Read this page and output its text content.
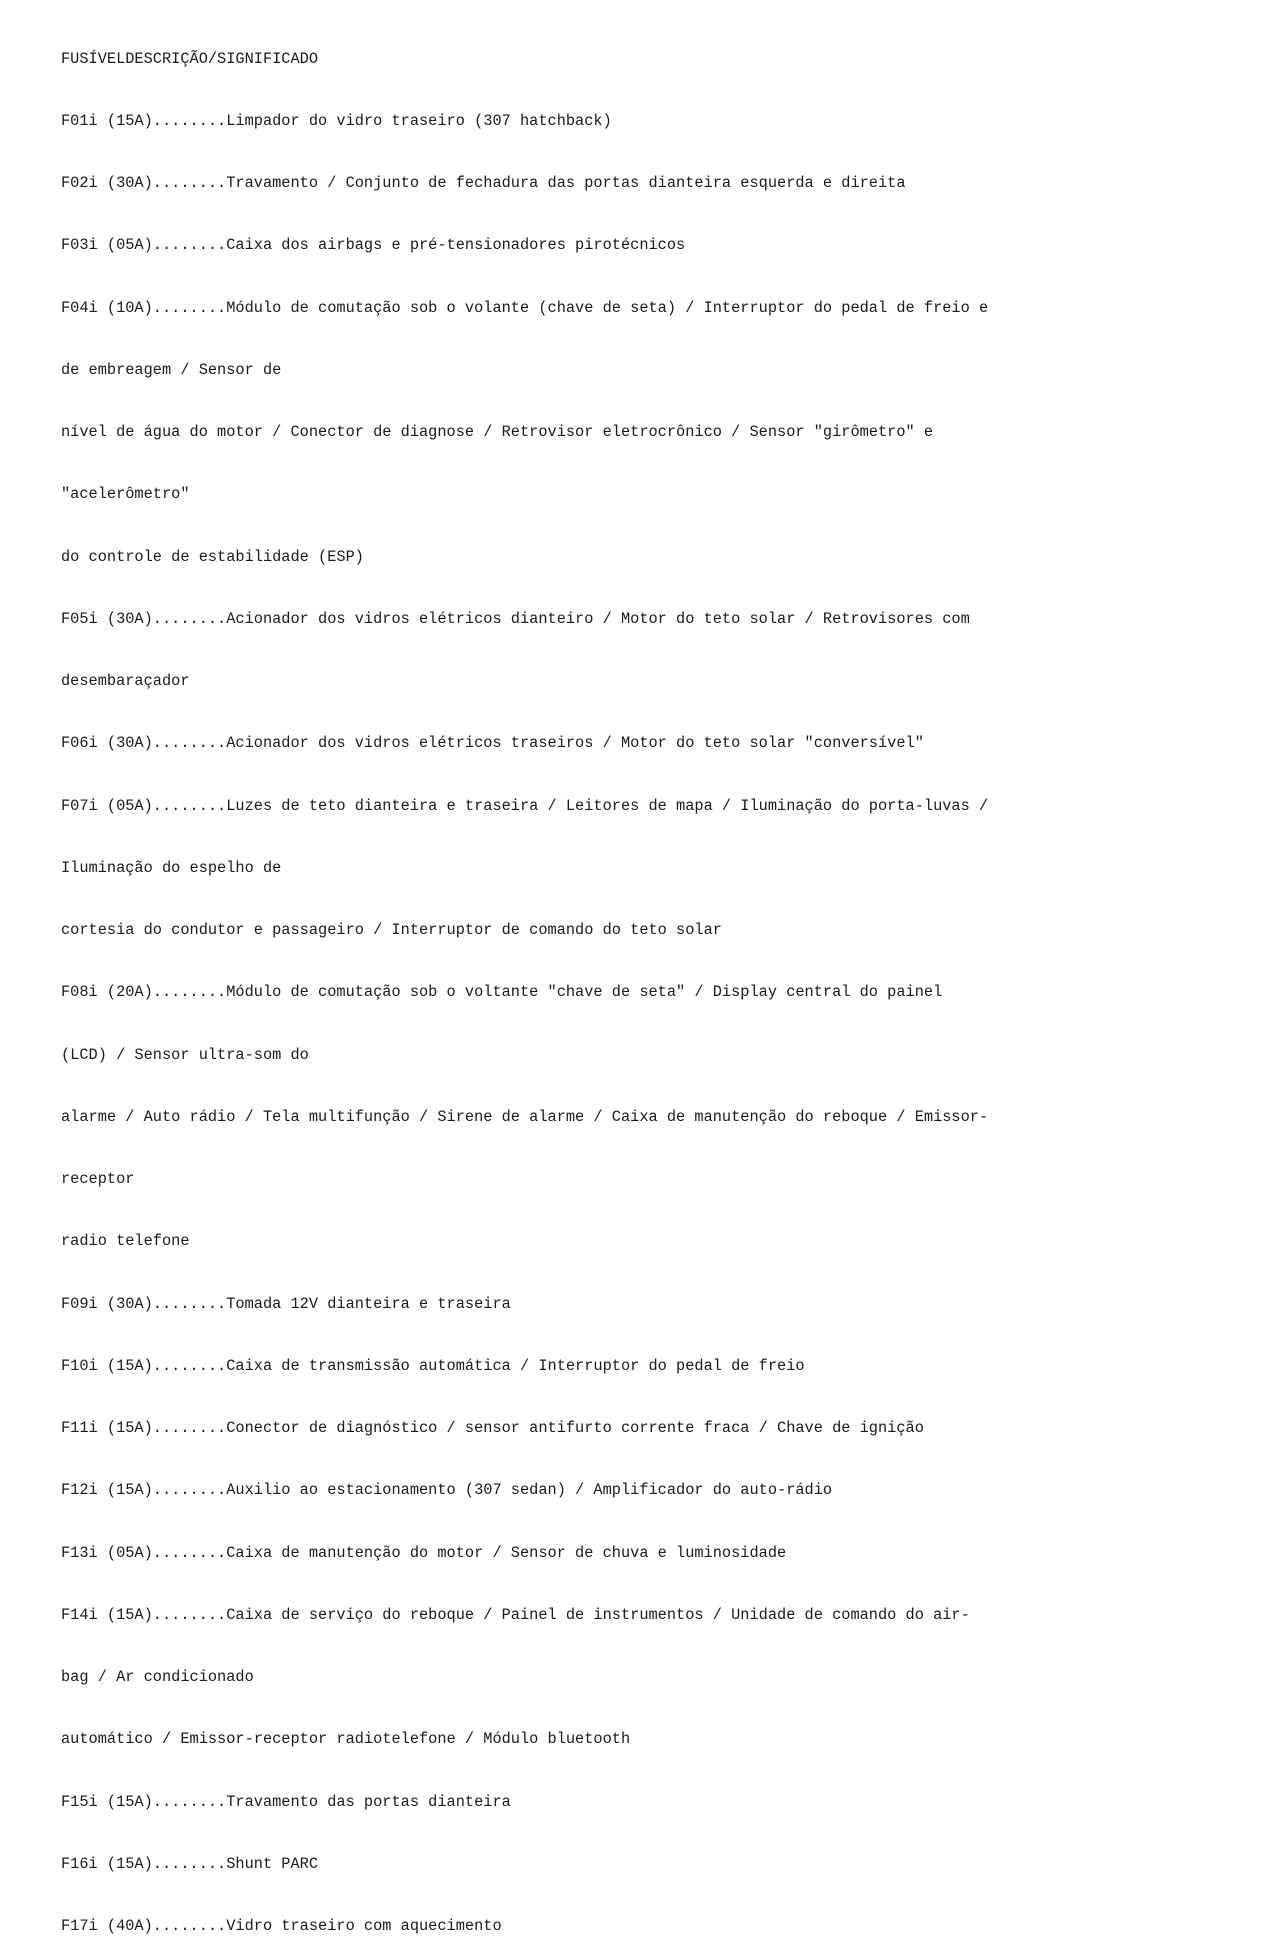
FUSÍVELDESCRIÇÃO/SIGNIFICADO

F01i (15A)........Limpador do vidro traseiro (307 hatchback)

F02i (30A)........Travamento / Conjunto de fechadura das portas dianteira esquerda e direita

F03i (05A)........Caixa dos airbags e pré-tensionadores pirotécnicos

F04i (10A)........Módulo de comutação sob o volante (chave de seta) / Interruptor do pedal de freio e

de embreagem / Sensor de

nível de água do motor / Conector de diagnose / Retrovisor eletrocrônico / Sensor "girômetro" e

"acelerômetro"

do controle de estabilidade (ESP)

F05i (30A)........Acionador dos vidros elétricos dianteiro / Motor do teto solar / Retrovisores com

desembaraçador

F06i (30A)........Acionador dos vidros elétricos traseiros / Motor do teto solar "conversível"

F07i (05A)........Luzes de teto dianteira e traseira / Leitores de mapa / Iluminação do porta-luvas /

Iluminação do espelho de

cortesia do condutor e passageiro / Interruptor de comando do teto solar

F08i (20A)........Módulo de comutação sob o voltante "chave de seta" / Display central do painel

(LCD) / Sensor ultra-som do

alarme / Auto rádio / Tela multifunção / Sirene de alarme / Caixa de manutenção do reboque / Emissor-

receptor

radio telefone

F09i (30A)........Tomada 12V dianteira e traseira

F10i (15A)........Caixa de transmissão automática / Interruptor do pedal de freio

F11i (15A)........Conector de diagnóstico / sensor antifurto corrente fraca / Chave de ignição

F12i (15A)........Auxilio ao estacionamento (307 sedan) / Amplificador do auto-rádio

F13i (05A)........Caixa de manutenção do motor / Sensor de chuva e luminosidade

F14i (15A)........Caixa de serviço do reboque / Painel de instrumentos / Unidade de comando do air-

bag / Ar condicionado

automático / Emissor-receptor radiotelefone / Módulo bluetooth

F15i (15A)........Travamento das portas dianteira

F16i (15A)........Shunt PARC

F17i (40A)........Vidro traseiro com aquecimento
